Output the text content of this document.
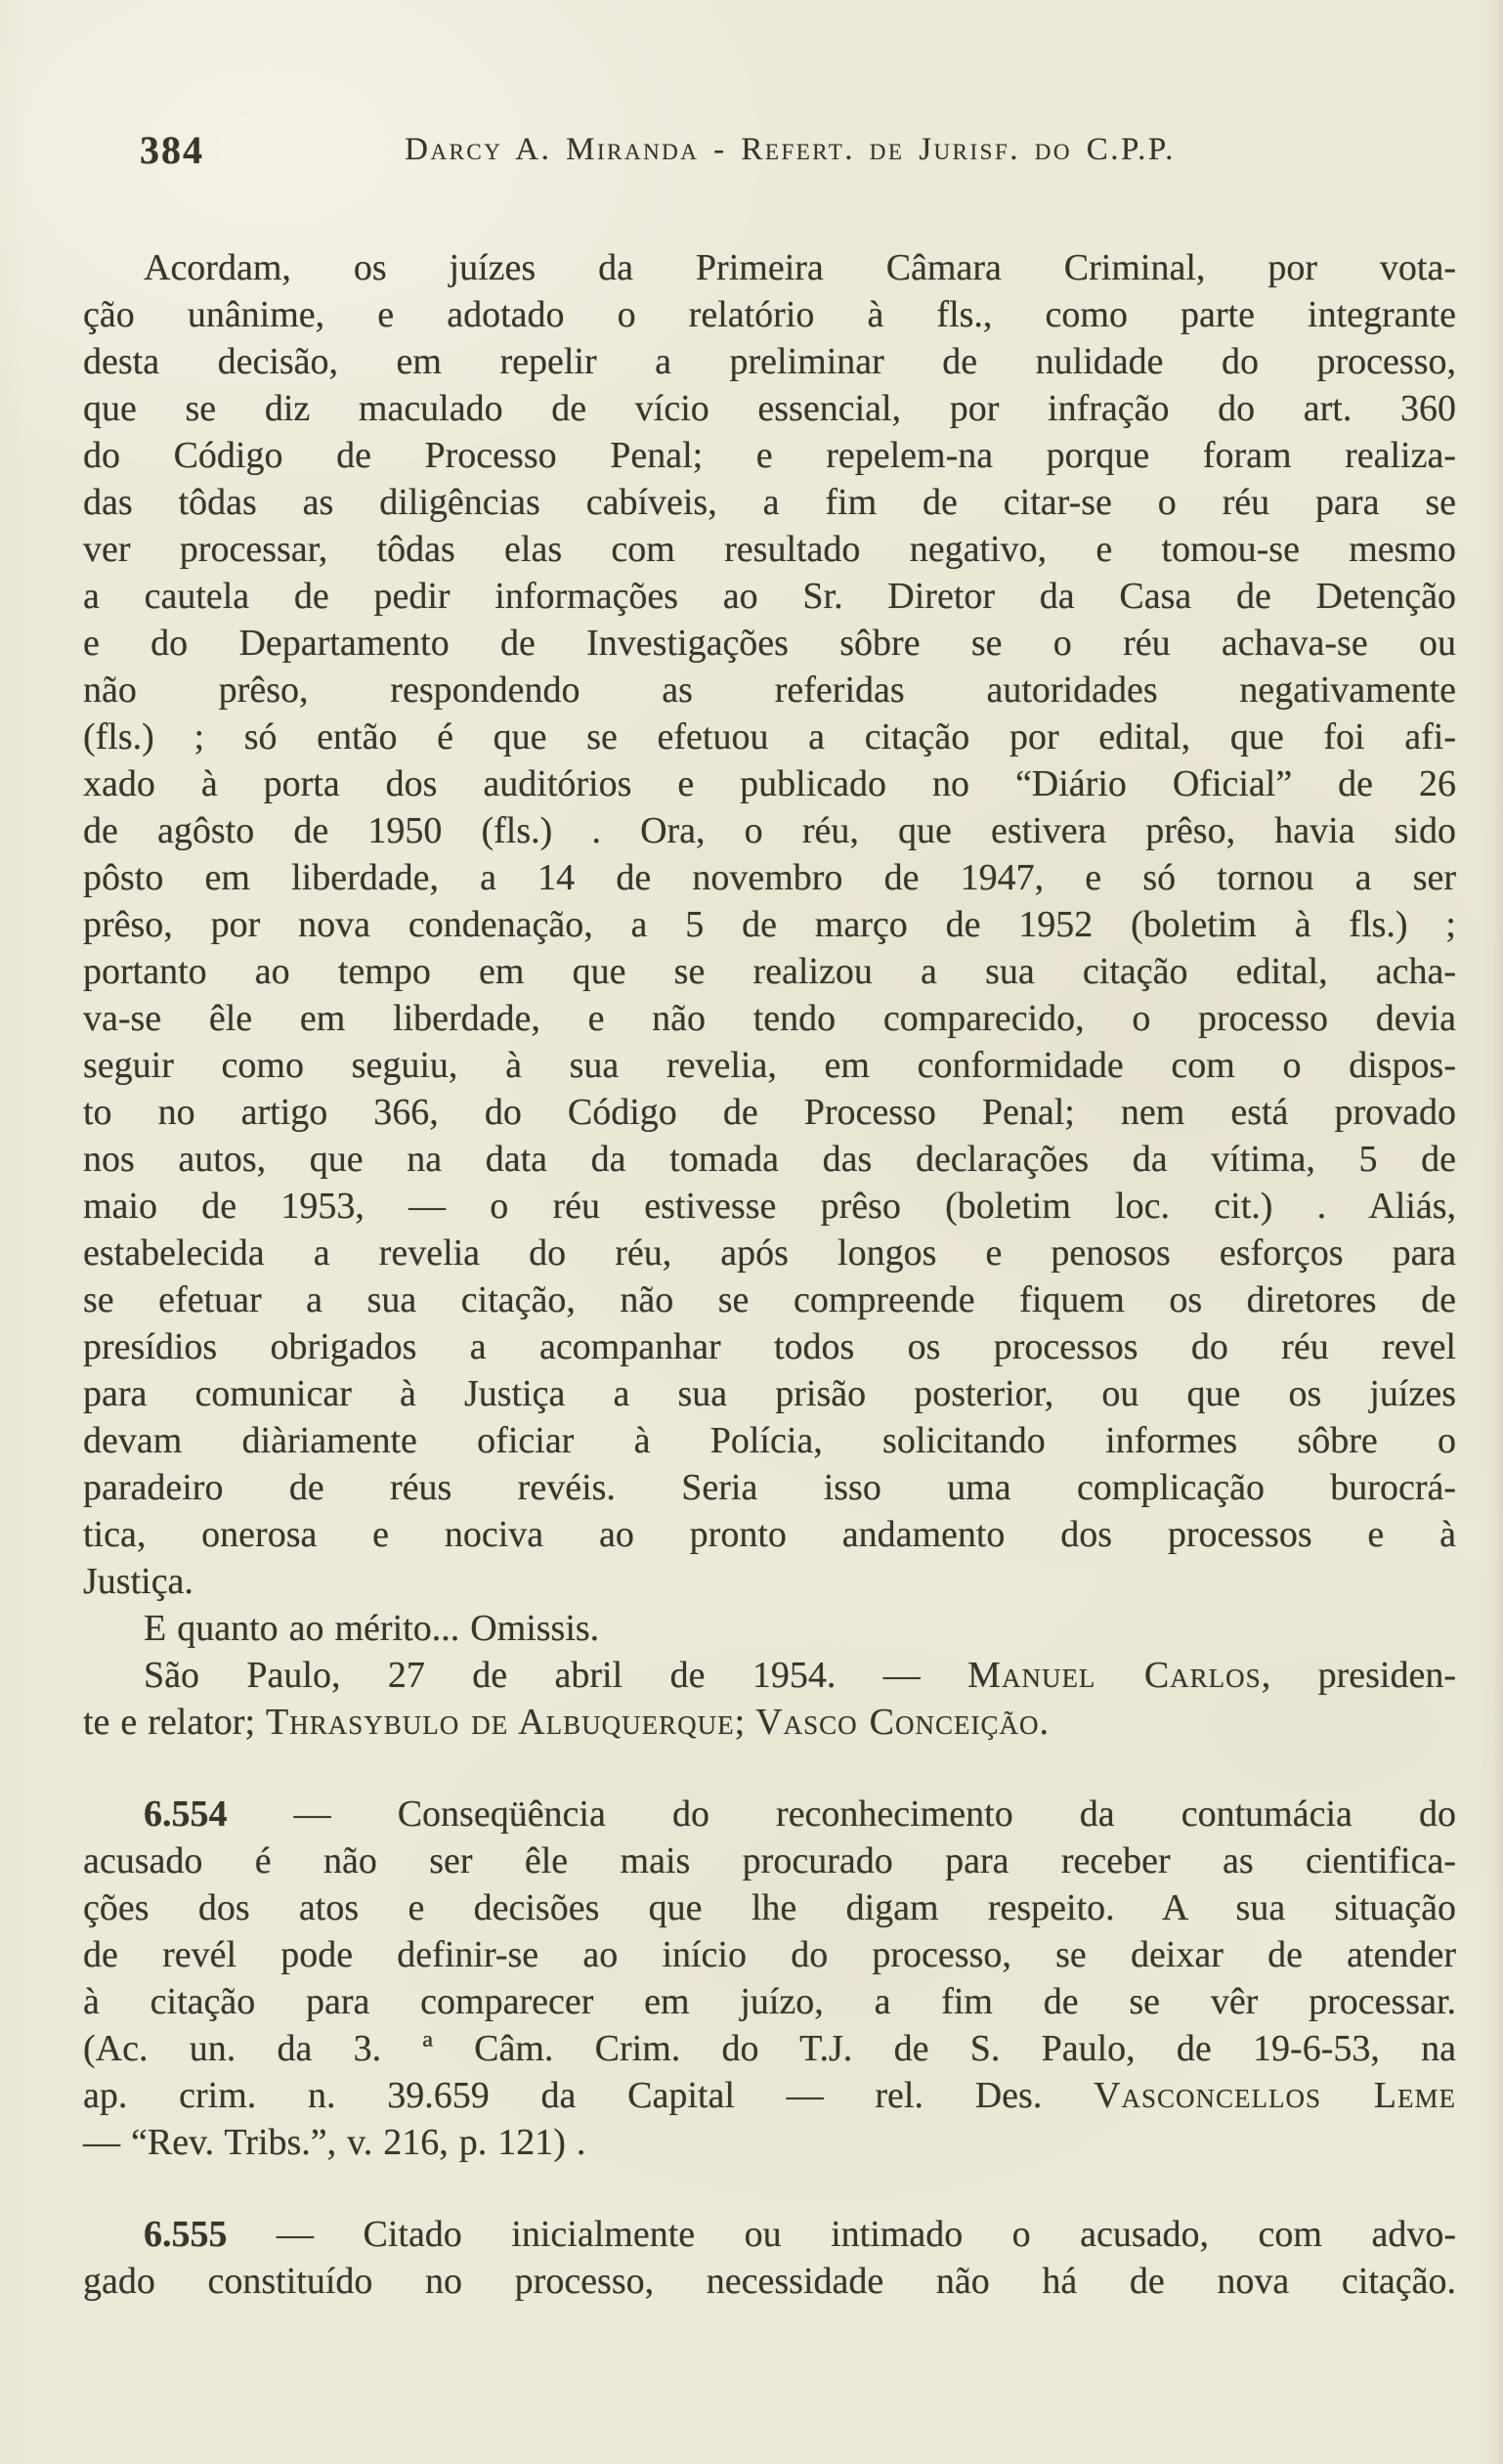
384	Darcy A. Miranda - Refert. de Jurisf. do C.P.P.
Acordam, os juízes da Primeira Câmara Criminal, por vota-
ção unânime, e adotado o relatório à fls., como parte integrante
desta decisão, em repelir a preliminar de nulidade do processo,
que se diz maculado de vício essencial, por infração do art. 360
do Código de Processo Penal; e repelem-na porque foram realiza-
das tôdas as diligências cabíveis, a fim de citar-se o réu para se
ver processar, tôdas elas com resultado negativo, e tomou-se mesmo
a cautela de pedir informações ao Sr. Diretor da Casa de Detenção
e do Departamento de Investigações sôbre se o réu achava-se ou
não prêso, respondendo as referidas autoridades negativamente
(fls.) ; só então é que se efetuou a citação por edital, que foi afi-
xado à porta dos auditórios e publicado no “Diário Oficial” de 26
de agôsto de 1950 (fls.) . Ora, o réu, que estivera prêso, havia sido
pôsto em liberdade, a 14 de novembro de 1947, e só tornou a ser
prêso, por nova condenação, a 5 de março de 1952 (boletim à fls.) ;
portanto ao tempo em que se realizou a sua citação edital, acha-
va-se êle em liberdade, e não tendo comparecido, o processo devia
seguir como seguiu, à sua revelia, em conformidade com o dispos-
to no artigo 366, do Código de Processo Penal; nem está provado
nos autos, que na data da tomada das declarações da vítima, 5 de
maio de 1953, — o réu estivesse prêso (boletim loc. cit.) . Aliás,
estabelecida a revelia do réu, após longos e penosos esforços para
se efetuar a sua citação, não se compreende fiquem os diretores de
presídios obrigados a acompanhar todos os processos do réu revel
para comunicar à Justiça a sua prisão posterior, ou que os juízes
devam diàriamente oficiar à Polícia, solicitando informes sôbre o
paradeiro de réus revéis. Seria isso uma complicação burocrá-
tica, onerosa e nociva ao pronto andamento dos processos e à
Justiça.
E quanto ao mérito... Omissis.
São Paulo, 27 de abril de 1954. — Manuel Carlos, presiden-
te e relator; Thrasybulo de Albuquerque; Vasco Conceição.
6.554 — Conseqüência do reconhecimento da contumácia do
acusado é não ser êle mais procurado para receber as cientifica-
ções dos atos e decisões que lhe digam respeito. A sua situação
de revél pode definir-se ao início do processo, se deixar de atender
à citação para comparecer em juízo, a fim de se vêr processar.
(Ac. un. da 3. ª Câm. Crim. do T.J. de S. Paulo, de 19-6-53, na
ap. crim. n. 39.659 da Capital — rel. Des. Vasconcellos Leme
— “Rev. Tribs.”, v. 216, p. 121) .
6.555 — Citado inicialmente ou intimado o acusado, com advo-
gado constituído no processo, necessidade não há de nova citação.
